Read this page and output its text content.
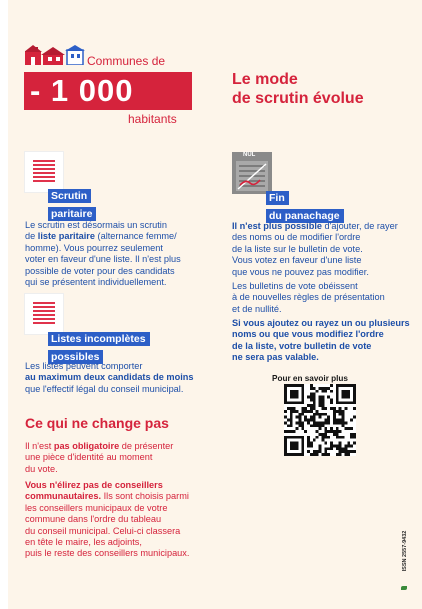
Communes de
- 1 000
habitants
Le mode
de scrutin évolue
Scrutin
paritaire
Le scrutin est désormais un scrutin
de liste paritaire (alternance femme/
homme). Vous pourrez seulement
voter en faveur d'une liste. Il n'est plus
possible de voter pour des candidats
qui se présentent individuellement.
Listes incomplètes
possibles
Les listes peuvent comporter
au maximum deux candidats de moins
que l'effectif légal du conseil municipal.
NUL
Fin
du panachage
Il n'est plus possible d'ajouter, de rayer
des noms ou de modifier l'ordre
de la liste sur le bulletin de vote.
Vous votez en faveur d'une liste
que vous ne pouvez pas modifier.
Les bulletins de vote obéissent
à de nouvelles règles de présentation
et de nullité.
Si vous ajoutez ou rayez un ou plusieurs
noms ou que vous modifiez l'ordre
de la liste, votre bulletin de vote
ne sera pas valable.
Pour en savoir plus
Ce qui ne change pas
Il n'est pas obligatoire de présenter
une pièce d'identité au moment
du vote.
Vous n'élirez pas de conseillers
communautaires. Ils sont choisis parmi
les conseillers municipaux de votre
commune dans l'ordre du tableau
du conseil municipal. Celui-ci classera
en tête le maire, les adjoints,
puis le reste des conseillers municipaux.	ISSN 2557-9432
